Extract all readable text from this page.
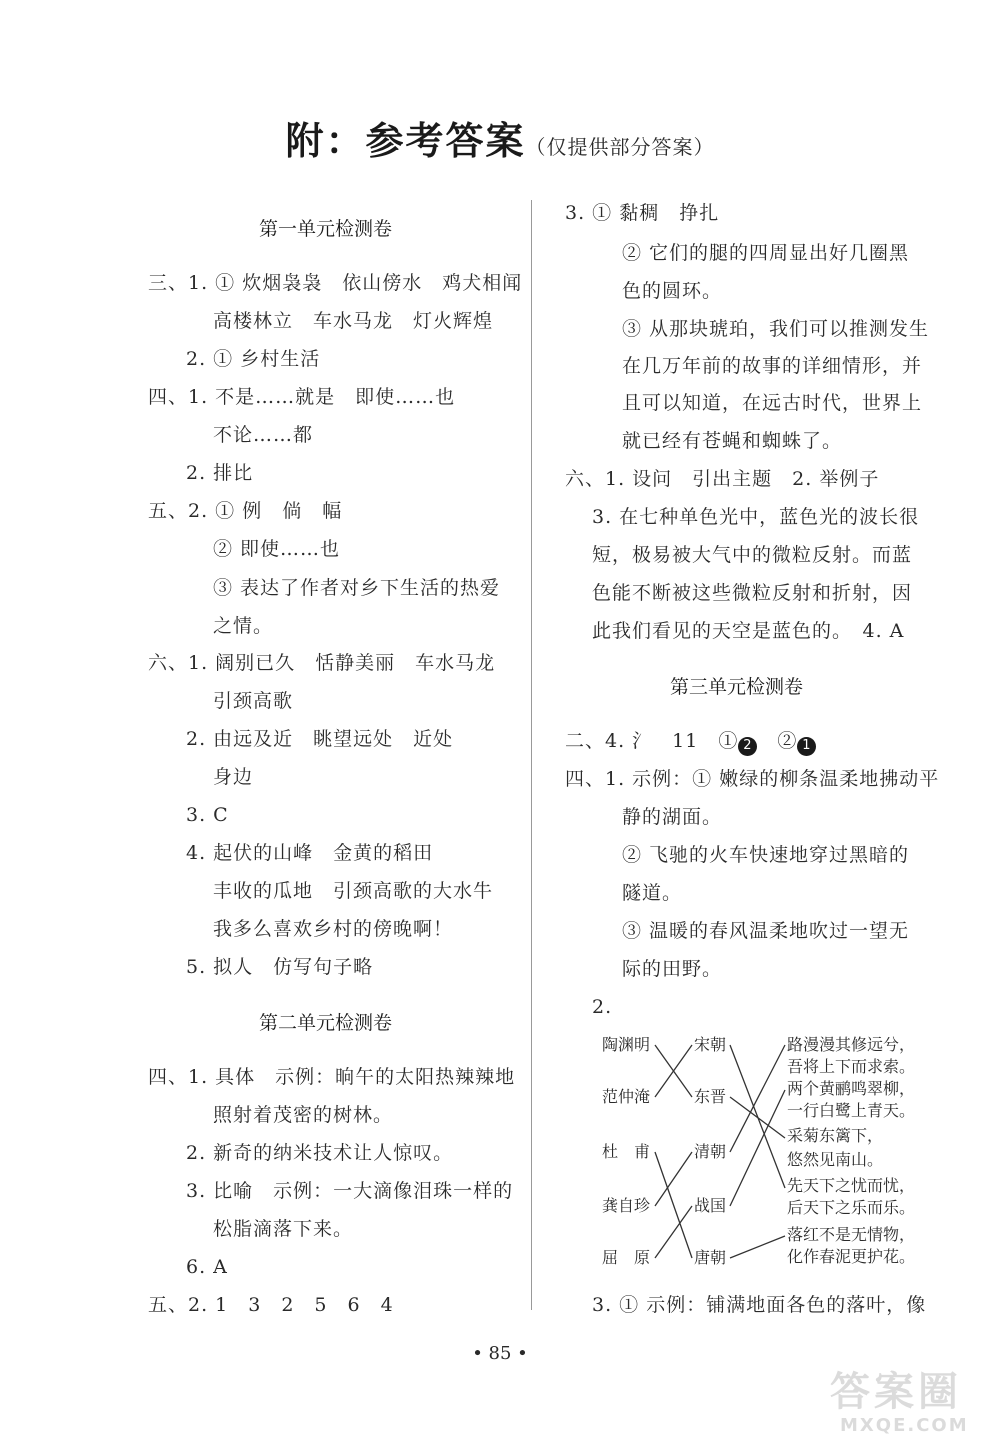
附：参考答案（仅提供部分答案）
第一单元检测卷
三、1. ① 炊烟袅袅　依山傍水　鸡犬相闻
高楼林立　车水马龙　灯火辉煌
2. ① 乡村生活
四、1. 不是……就是　即使……也
不论……都
2. 排比
五、2. ① 例　倘　幅
② 即使……也
③ 表达了作者对乡下生活的热爱
之情。
六、1. 阔别已久　恬静美丽　车水马龙
引颈高歌
2. 由远及近　眺望远处　近处
身边
3. C
4. 起伏的山峰　金黄的稻田
丰收的瓜地　引颈高歌的大水牛
我多么喜欢乡村的傍晚啊！
5. 拟人　仿写句子略
第二单元检测卷
四、1. 具体　示例：晌午的太阳热辣辣地
照射着茂密的树林。
2. 新奇的纳米技术让人惊叹。
3. 比喻　示例：一大滴像泪珠一样的
松脂滴落下来。
6. A
五、2. 1　3　2　5　6　4
3. ① 黏稠　挣扎
② 它们的腿的四周显出好几圈黑
色的圆环。
③ 从那块琥珀，我们可以推测发生
在几万年前的故事的详细情形，并
且可以知道，在远古时代，世界上
就已经有苍蝇和蜘蛛了。
六、1. 设问　引出主题　2. 举例子
3. 在七种单色光中，蓝色光的波长很
短，极易被大气中的微粒反射。而蓝
色能不断被这些微粒反射和折射，因
此我们看见的天空是蓝色的。　4. A
第三单元检测卷
二、4. 氵　11　① 2　② 1
四、1. 示例：① 嫩绿的柳条温柔地拂动平
静的湖面。
② 飞驰的火车快速地穿过黑暗的
隧道。
③ 温暖的春风温柔地吹过一望无
际的田野。
2.
陶渊明
范仲淹
杜　甫
龚自珍
屈　原
宋朝
东晋
清朝
战国
唐朝
路漫漫其修远兮，
吾将上下而求索。
两个黄鹂鸣翠柳，
一行白鹭上青天。
采菊东篱下，
悠然见南山。
先天下之忧而忧，
后天下之乐而乐。
落红不是无情物，
化作春泥更护花。
3. ① 示例：铺满地面各色的落叶，像
• 85 •
答案圈
MXQE.COM
